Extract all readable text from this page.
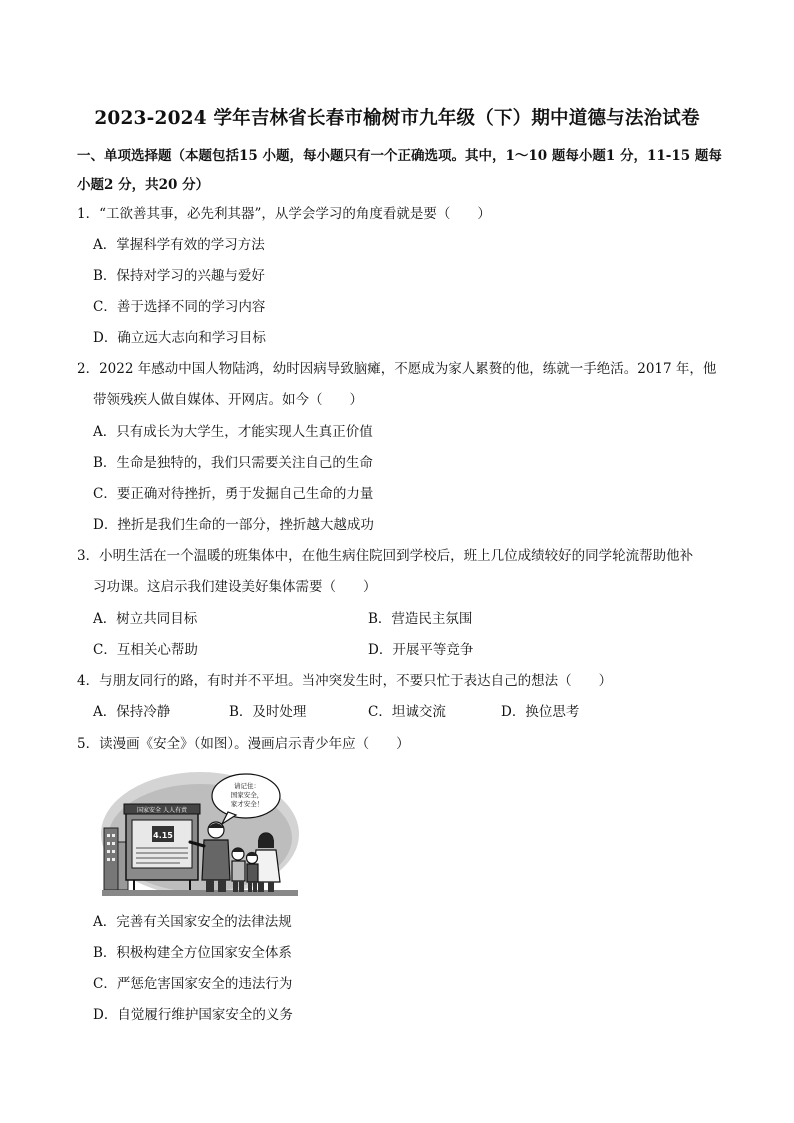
2023-2024 学年吉林省长春市榆树市九年级（下）期中道德与法治试卷
一、单项选择题（本题包括15 小题，每小题只有一个正确选项。其中，1～10 题每小题1 分，11-15 题每小题2 分，共20 分）
1．“工欲善其事，必先利其器”，从学会学习的角度看就是要（　　）
A．掌握科学有效的学习方法
B．保持对学习的兴趣与爱好
C．善于选择不同的学习内容
D．确立远大志向和学习目标
2．2022 年感动中国人物陆鸿，幼时因病导致脑瘫，不愿成为家人累赘的他，练就一手绝活。2017 年，他
带领残疾人做自媒体、开网店。如今（　　）
A．只有成长为大学生，才能实现人生真正价值
B．生命是独特的，我们只需要关注自己的生命
C．要正确对待挫折，勇于发掘自己生命的力量
D．挫折是我们生命的一部分，挫折越大越成功
3．小明生活在一个温暖的班集体中，在他生病住院回到学校后，班上几位成绩较好的同学轮流帮助他补
习功课。这启示我们建设美好集体需要（　　）
A．树立共同目标	B．营造民主氛围
C．互相关心帮助	D．开展平等竞争
4．与朋友同行的路，有时并不平坦。当冲突发生时，不要只忙于表达自己的想法（　　）
A．保持冷静	B．及时处理	C．坦诚交流	D．换位思考
5．读漫画《安全》（如图）。漫画启示青少年应（　　）
国家安全 人人有责
4.15
请记住：
国家安全，
家才安全！
A．完善有关国家安全的法律法规
B．积极构建全方位国家安全体系
C．严惩危害国家安全的违法行为
D．自觉履行维护国家安全的义务
